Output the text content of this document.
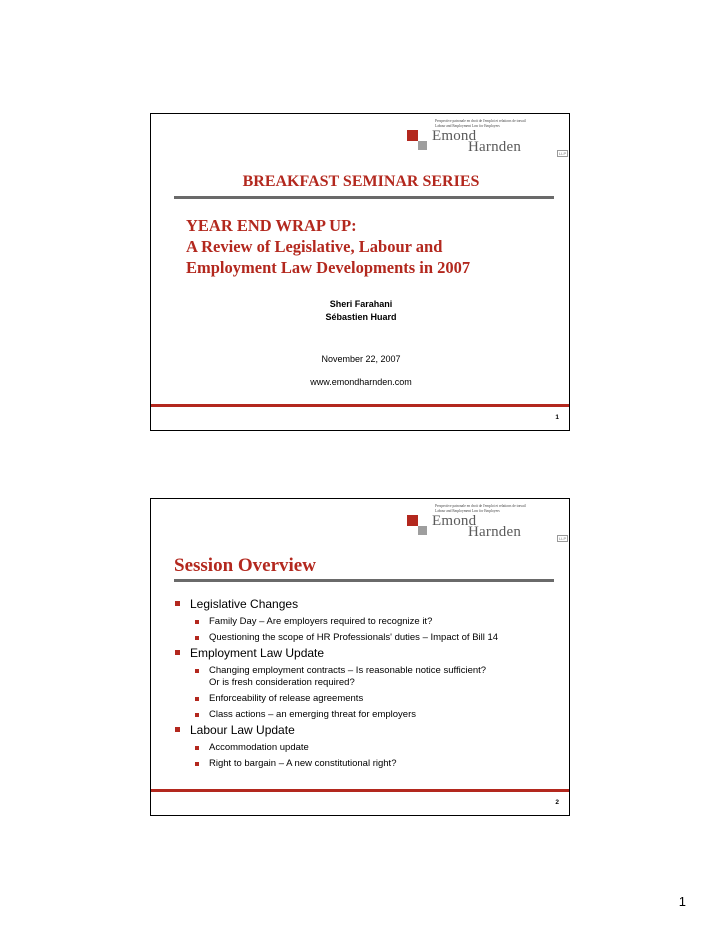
Perspective patronale en droit de l'emploi et relations de travail
Labour and Employment Law for Employers
Emond
Harnden	LLP
BREAKFAST SEMINAR SERIES
YEAR END WRAP UP:
A Review of Legislative, Labour and
Employment Law Developments in 2007
Sheri Farahani
Sébastien Huard
November 22, 2007
www.emondharnden.com
1
Perspective patronale en droit de l'emploi et relations de travail
Labour and Employment Law for Employers
Emond
Harnden	LLP
Session Overview
Legislative Changes
Family Day – Are employers required to recognize it?
Questioning the scope of HR Professionals' duties – Impact of Bill 14
Employment Law Update
Changing employment contracts – Is reasonable notice sufficient?
Or is fresh consideration required?
Enforceability of release agreements
Class actions – an emerging threat for employers
Labour Law Update
Accommodation update
Right to bargain – A new constitutional right?
2
1
